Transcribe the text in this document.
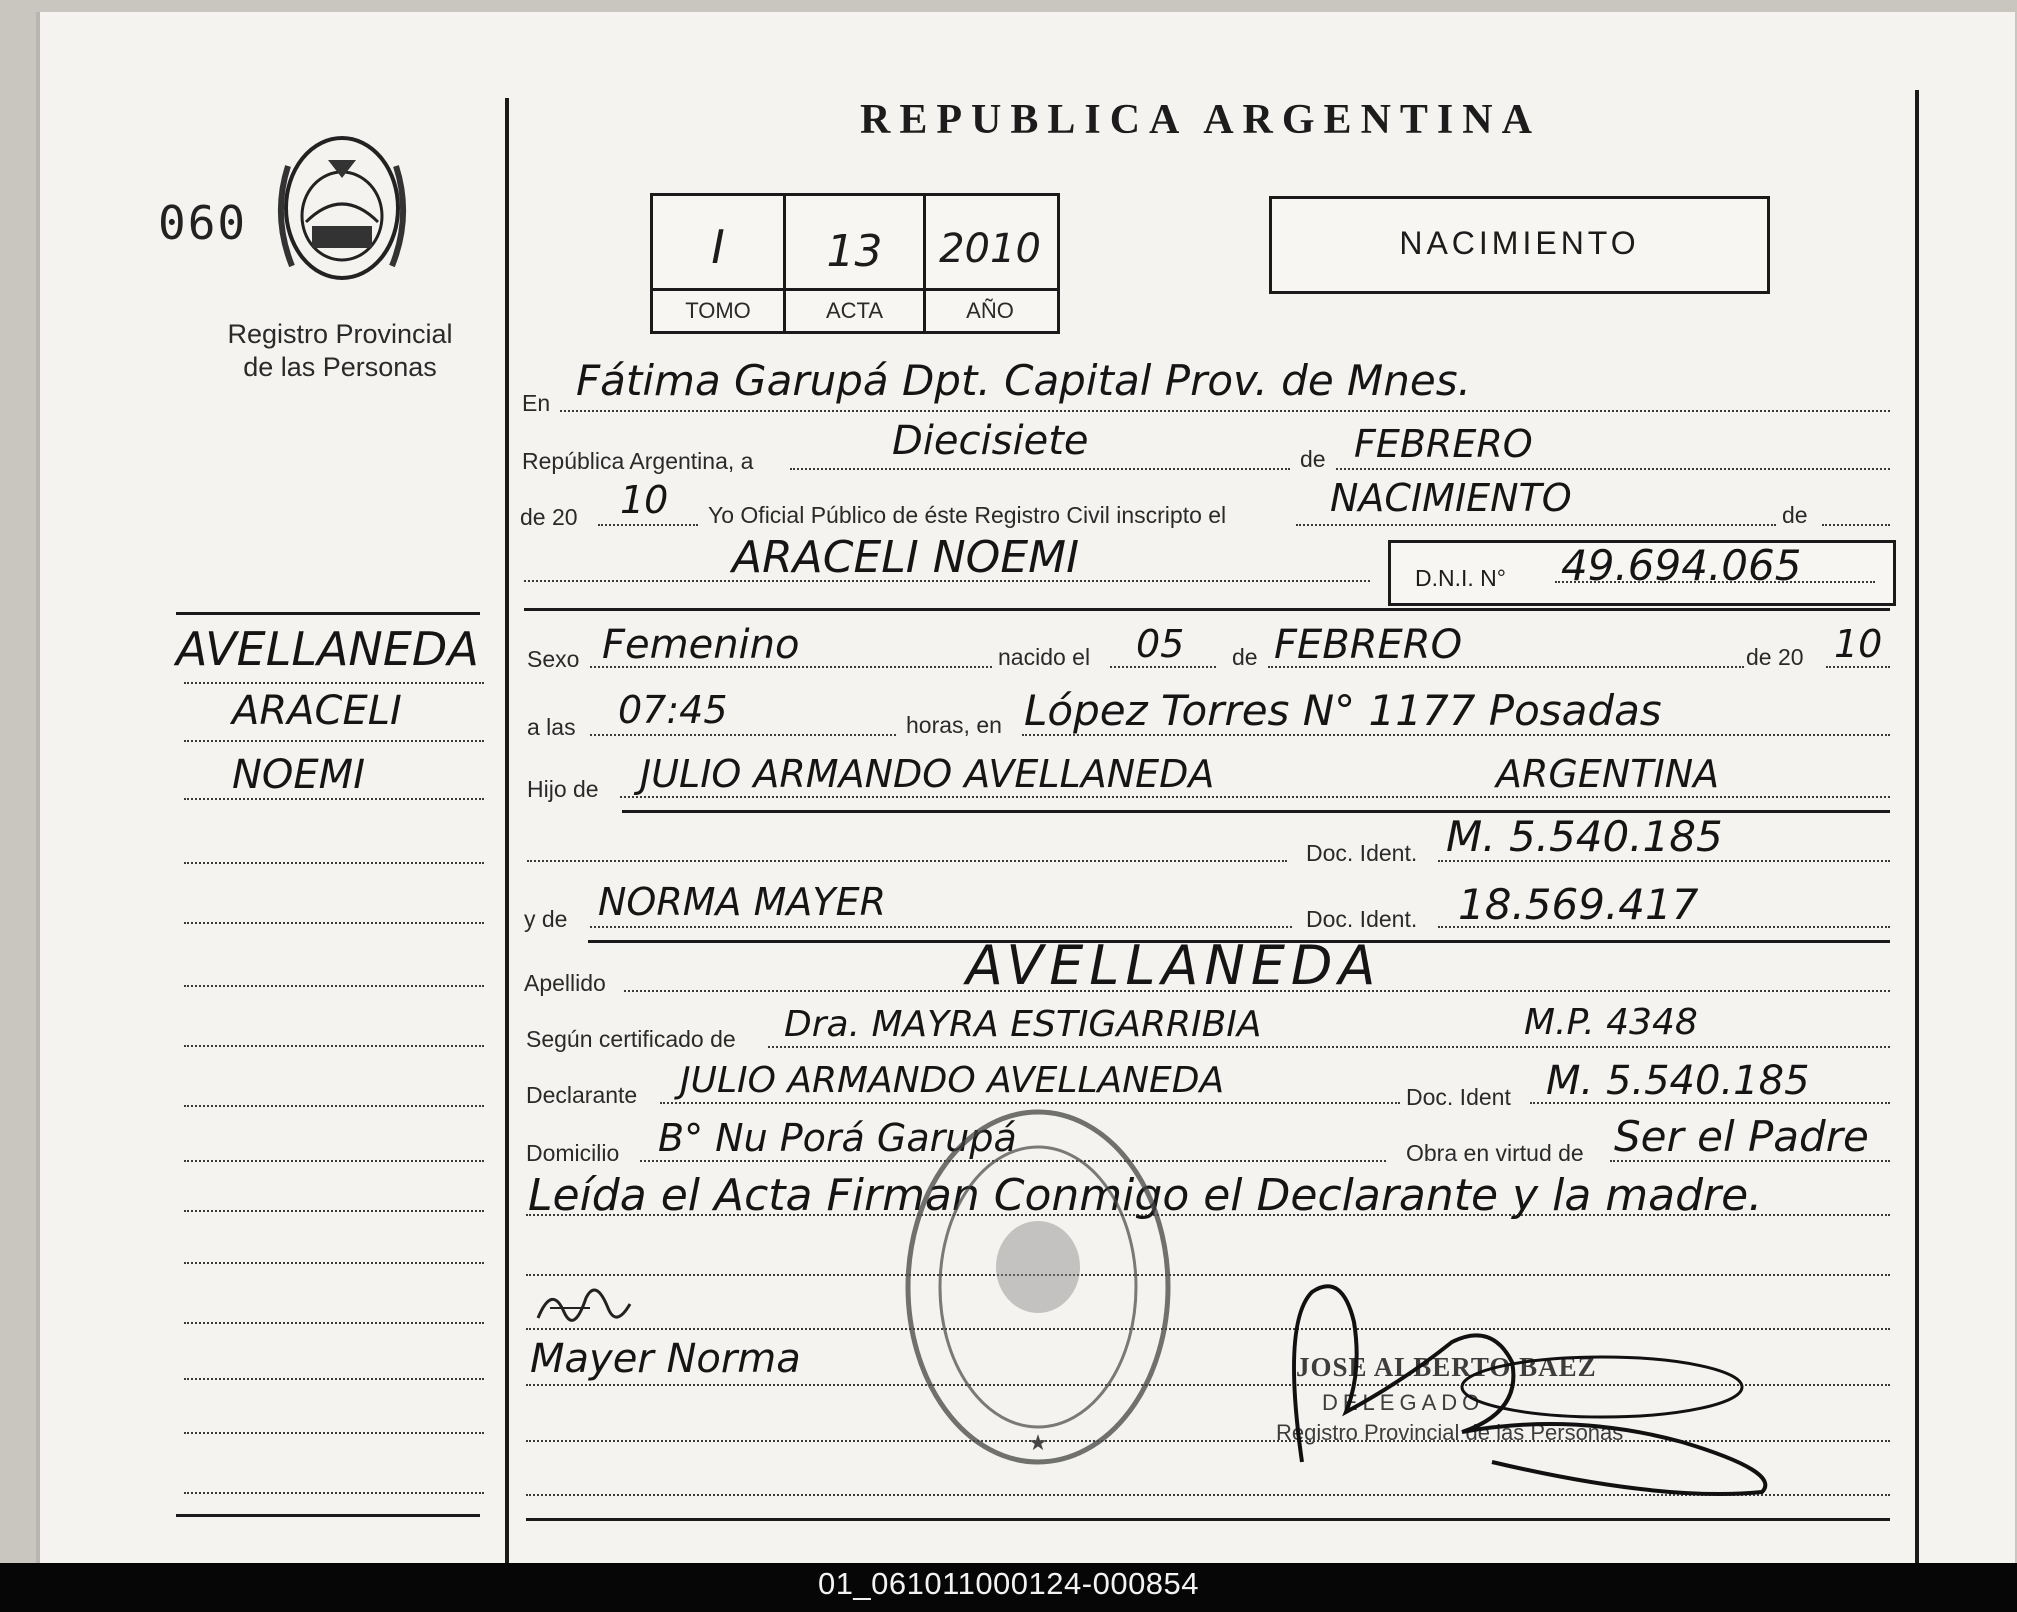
060
Registro Provincial
de las Personas
AVELLANEDA
ARACELI
NOEMI
REPUBLICA ARGENTINA
I	13	2010
TOMO	ACTA	AÑO
NACIMIENTO
En Fátima Garupá Dpt. Capital Prov. de Mnes.
República Argentina, a	Diecisiete	de FEBRERO
de 20 10 Yo Oficial Público de éste Registro Civil inscripto el	NACIMIENTO	de
ARACELI NOEMI	D.N.I. N° 49.694.065
Sexo Femenino	nacido el 05 de FEBRERO	de 20 10
a las 07:45	horas, en López Torres N° 1177 Posadas
Hijo de JULIO ARMANDO AVELLANEDA	ARGENTINA
Doc. Ident. M. 5.540.185
y de NORMA MAYER	Doc. Ident. 18.569.417
Apellido	AVELLANEDA
Según certificado de Dra. MAYRA ESTIGARRIBIA	M.P. 4348
Declarante JULIO ARMANDO AVELLANEDA	Doc. Ident M. 5.540.185
Domicilio B° Nu Porá Garupá	Obra en virtud de Ser el Padre
Leída el Acta Firman Conmigo el Declarante y la madre.
Mayer Norma
★
JOSE ALBERTO BAEZ
DELEGADO
Registro Provincial de las Personas
01_061011000124-000854
